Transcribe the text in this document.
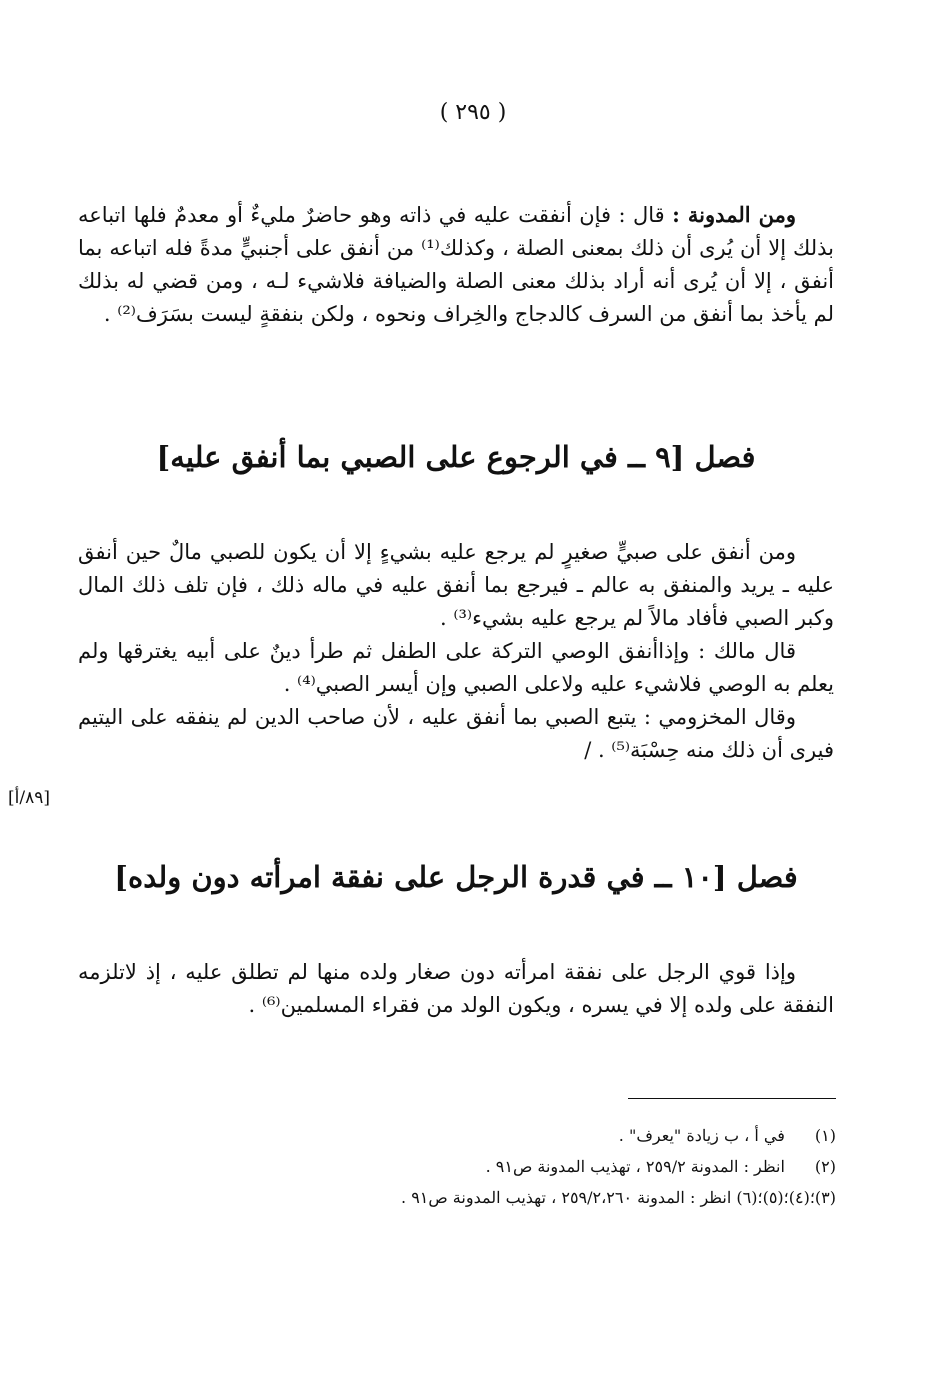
( ٢٩٥ )

ومن المدونة : قال : فإن أنفقت عليه في ذاته وهو حاضرٌ مليءٌ أو معدمٌ فلها اتباعه بذلك إلا أن يُرى أن ذلك بمعنى الصلة ، وكذلك⁽¹⁾ من أنفق على أجنبيٍّ مدةً فله اتباعه بما أنفق ، إلا أن يُرى أنه أراد بذلك معنى الصلة والضيافة فلاشيء لـه ، ومن قضي له بذلك لم يأخذ بما أنفق من السرف كالدجاج والخِراف ونحوه ، ولكن بنفقةٍ ليست بسَرَف⁽²⁾ .

فصل [٩ ــ في الرجوع على الصبي بما أنفق عليه]

ومن أنفق على صبيٍّ صغيرٍ لم يرجع عليه بشيءٍ إلا أن يكون للصبي مالٌ حين أنفق عليه ـ يريد والمنفق به عالم ـ فيرجع بما أنفق عليه في ماله ذلك ، فإن تلف ذلك المال وكبر الصبي فأفاد مالاً لم يرجع عليه بشيء⁽³⁾ .

قال مالك : وإذاأنفق الوصي التركة على الطفل ثم طرأ دينٌ على أبيه يغترقها ولم يعلم به الوصي فلاشيء عليه ولاعلى الصبي وإن أيسر الصبي⁽⁴⁾ .

وقال المخزومي : يتبع الصبي بما أنفق عليه ، لأن صاحب الدين لم ينفقه على اليتيم فيرى أن ذلك منه حِسْبَة⁽⁵⁾ . /

[٨٩/أ]
فصل [١٠ ــ في قدرة الرجل على نفقة امرأته دون ولده]

وإذا قوي الرجل على نفقة امرأته دون صغار ولده منها لم تطلق عليه ، إذ لاتلزمه النفقة على ولده إلا في يسره ، ويكون الولد من فقراء المسلمين⁽⁶⁾ .

(١) في أ ، ب زيادة "يعرف" .

(٢) انظر : المدونة ٢٥٩/٢ ، تهذيب المدونة ص٩١ .

(٣)؛(٤)؛(٥)؛(٦) انظر : المدونة ٢٥٩/٢،٢٦٠ ، تهذيب المدونة ص٩١ .
